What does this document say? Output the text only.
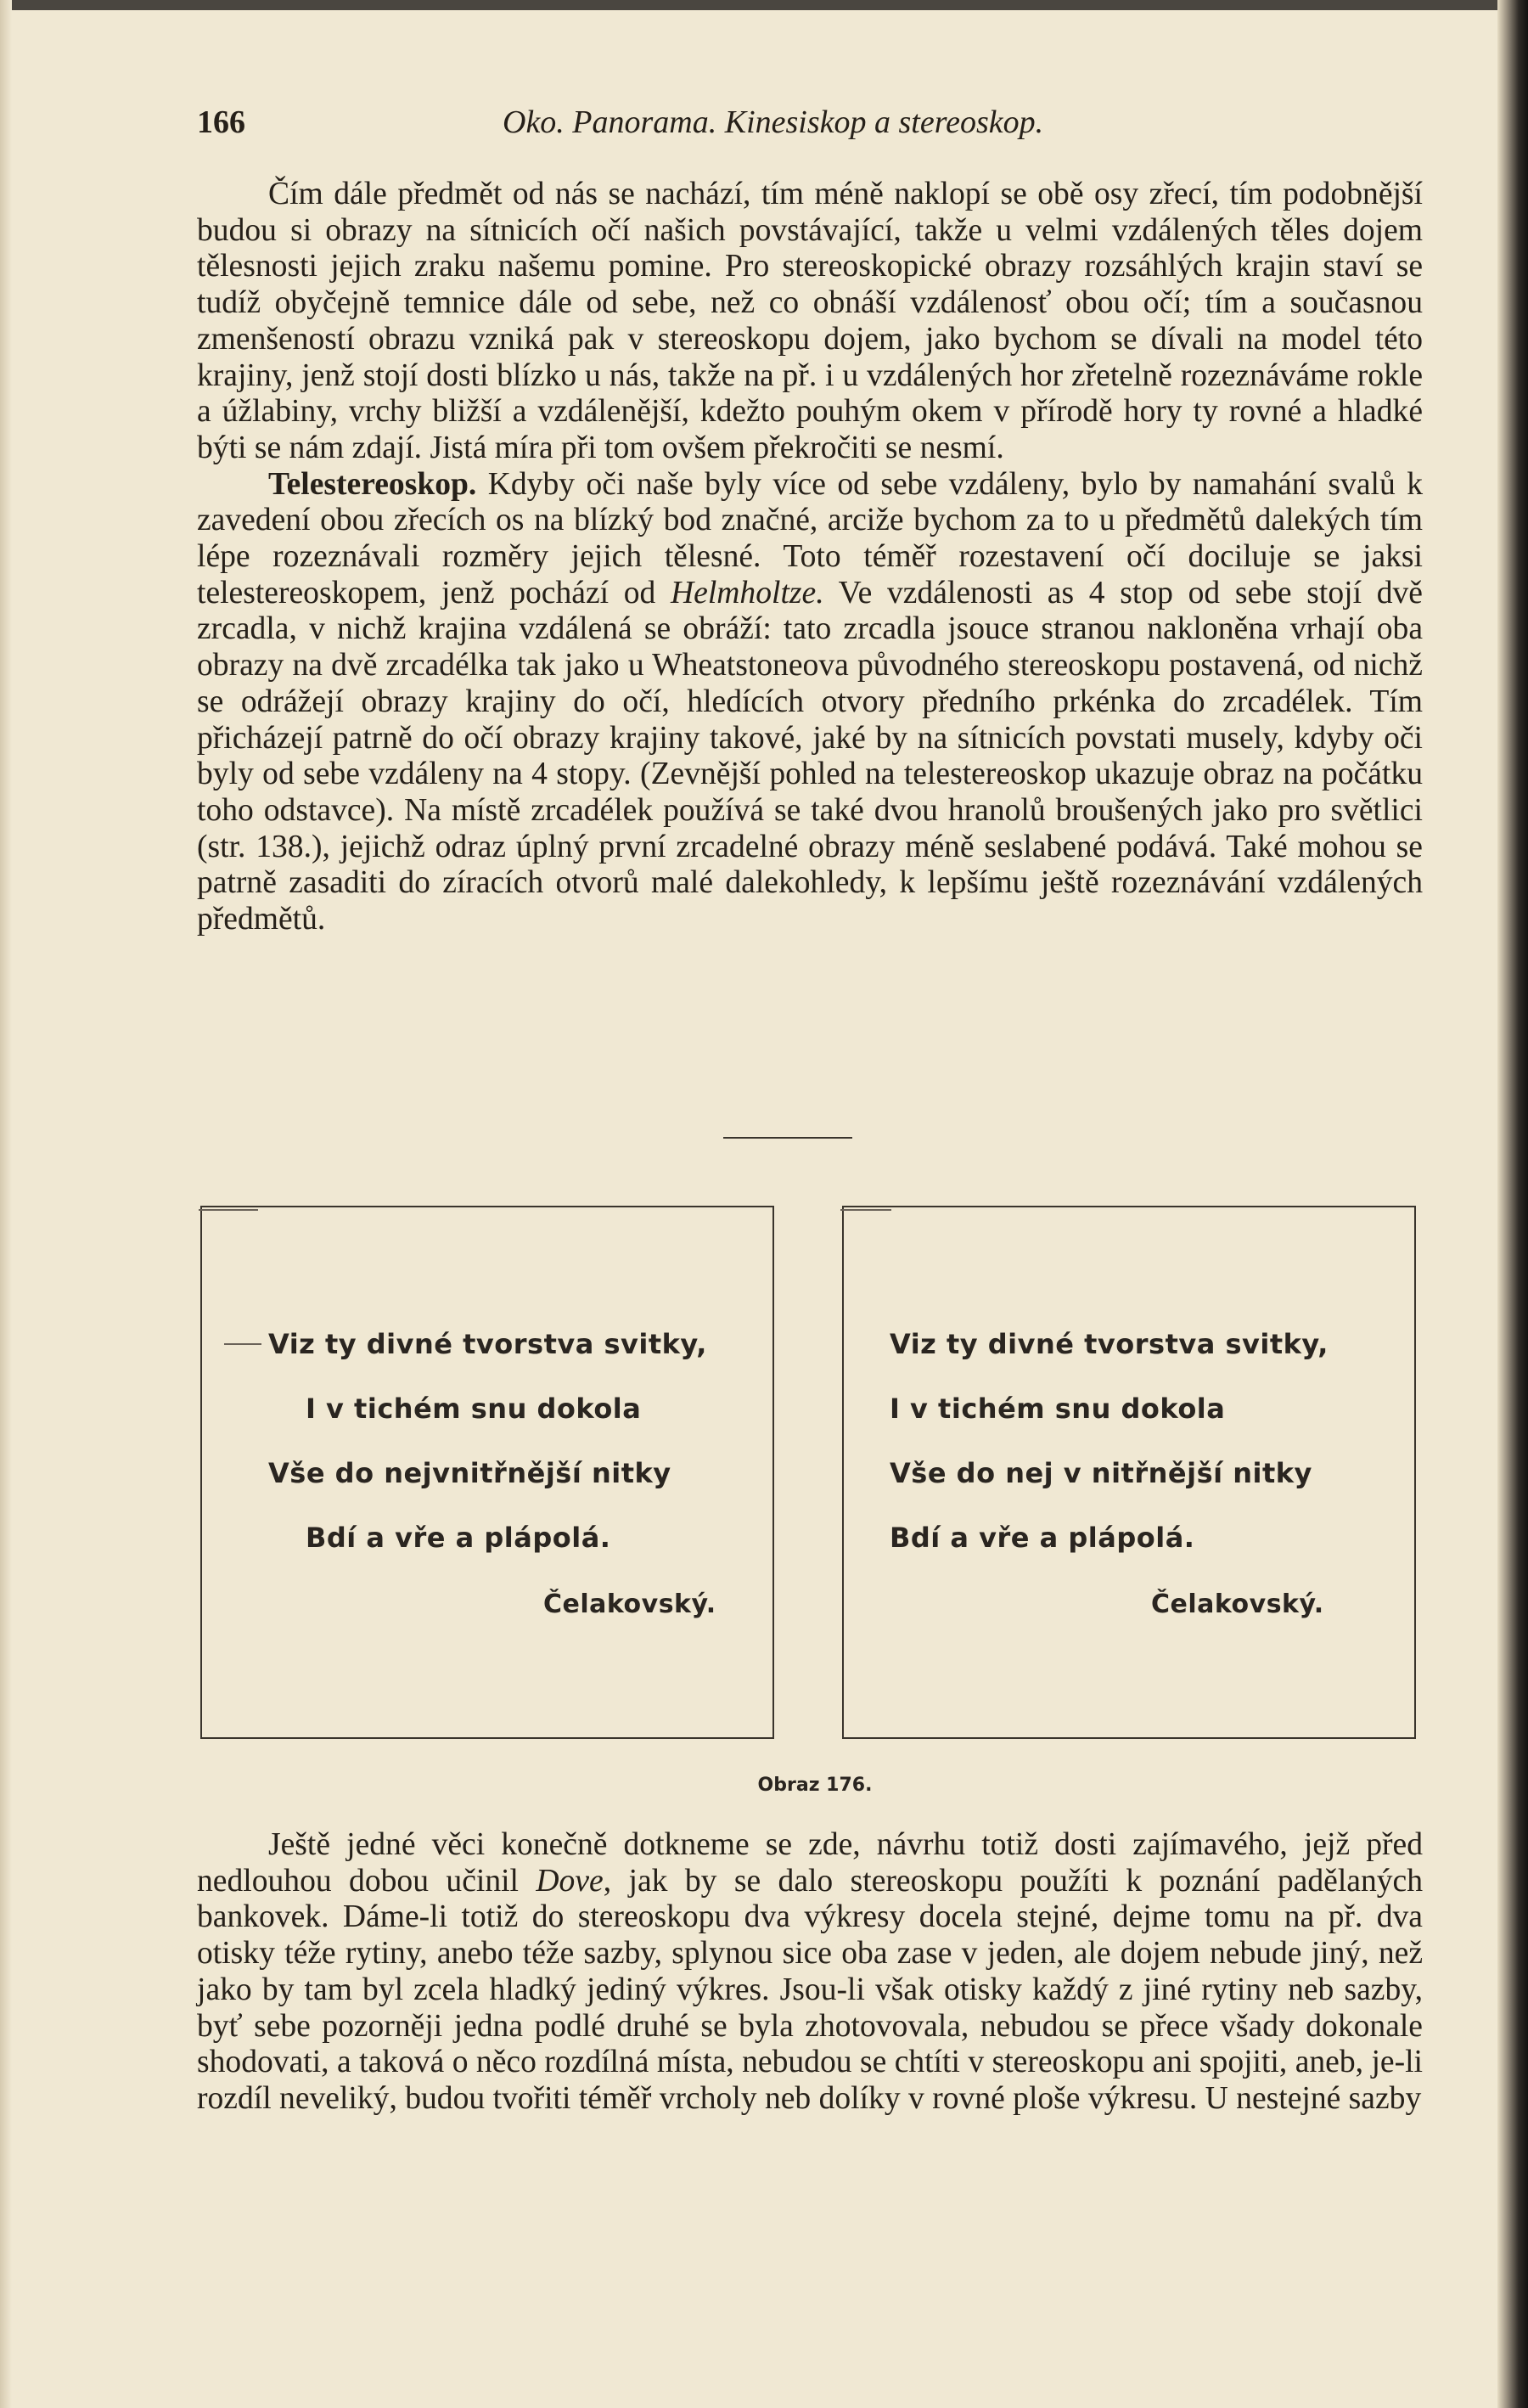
166	Oko. Panorama. Kinesiskop a stereoskop.

Čím dále předmět od nás se nachází, tím méně naklopí se obě osy zřecí, tím podobnější budou si obrazy na sítnicích očí našich povstávající, takže u velmi vzdálených těles dojem tělesnosti jejich zraku našemu pomine. Pro stereoskopické obrazy rozsáhlých krajin staví se tudíž obyčejně temnice dále od sebe, než co obnáší vzdálenosť obou očí; tím a současnou zmenšeností obrazu vzniká pak v stereoskopu dojem, jako bychom se dívali na model této krajiny, jenž stojí dosti blízko u nás, takže na př. i u vzdálených hor zřetelně rozeznáváme rokle a úžlabiny, vrchy bližší a vzdálenější, kdežto pouhým okem v přírodě hory ty rovné a hladké býti se nám zdají. Jistá míra při tom ovšem překročiti se nesmí.

Telestereoskop. Kdyby oči naše byly více od sebe vzdáleny, bylo by namahání svalů k zavedení obou zřecích os na blízký bod značné, arciže bychom za to u předmětů dalekých tím lépe rozeznávali rozměry jejich tělesné. Toto téměř rozestavení očí dociluje se jaksi telestereoskopem, jenž pochází od Helmholtze. Ve vzdálenosti as 4 stop od sebe stojí dvě zrcadla, v nichž krajina vzdálená se obráží: tato zrcadla jsouce stranou nakloněna vrhají oba obrazy na dvě zrcadélka tak jako u Wheatstoneova původného stereoskopu postavená, od nichž se odrážejí obrazy krajiny do očí, hledících otvory předního prkénka do zrcadélek. Tím přicházejí patrně do očí obrazy krajiny takové, jaké by na sítnicích povstati musely, kdyby oči byly od sebe vzdáleny na 4 stopy. (Zevnější pohled na telestereoskop ukazuje obraz na počátku toho odstavce). Na místě zrcadélek používá se také dvou hranolů broušených jako pro světlici (str. 138.), jejichž odraz úplný první zrcadelné obrazy méně seslabené podává. Také mohou se patrně zasaditi do zíracích otvorů malé dalekohledy, k lepšímu ještě rozeznávání vzdálených předmětů.

Viz ty divné tvorstva svitky,
I v tichém snu dokola
Vše do nejvnitřnější nitky
Bdí a vře a plápolá.
Čelakovský.
Viz ty divné tvorstva svitky,
I v tichém snu dokola
Vše do nej v nitřnější nitky
Bdí a vře a plápolá.
Čelakovský.
Obraz 176.

Ještě jedné věci konečně dotkneme se zde, návrhu totiž dosti zajímavého, jejž před nedlouhou dobou učinil Dove, jak by se dalo stereoskopu použíti k poznání padělaných bankovek. Dáme-li totiž do stereoskopu dva výkresy docela stejné, dejme tomu na př. dva otisky téže rytiny, anebo téže sazby, splynou sice oba zase v jeden, ale dojem nebude jiný, než jako by tam byl zcela hladký jediný výkres. Jsou-li však otisky každý z jiné rytiny neb sazby, byť sebe pozorněji jedna podlé druhé se byla zhotovovala, nebudou se přece všady dokonale shodovati, a taková o něco rozdílná místa, nebudou se chtíti v stereoskopu ani spojiti, aneb, je-li rozdíl neveliký, budou tvořiti téměř vrcholy neb dolíky v rovné ploše výkresu. U nestejné sazby
